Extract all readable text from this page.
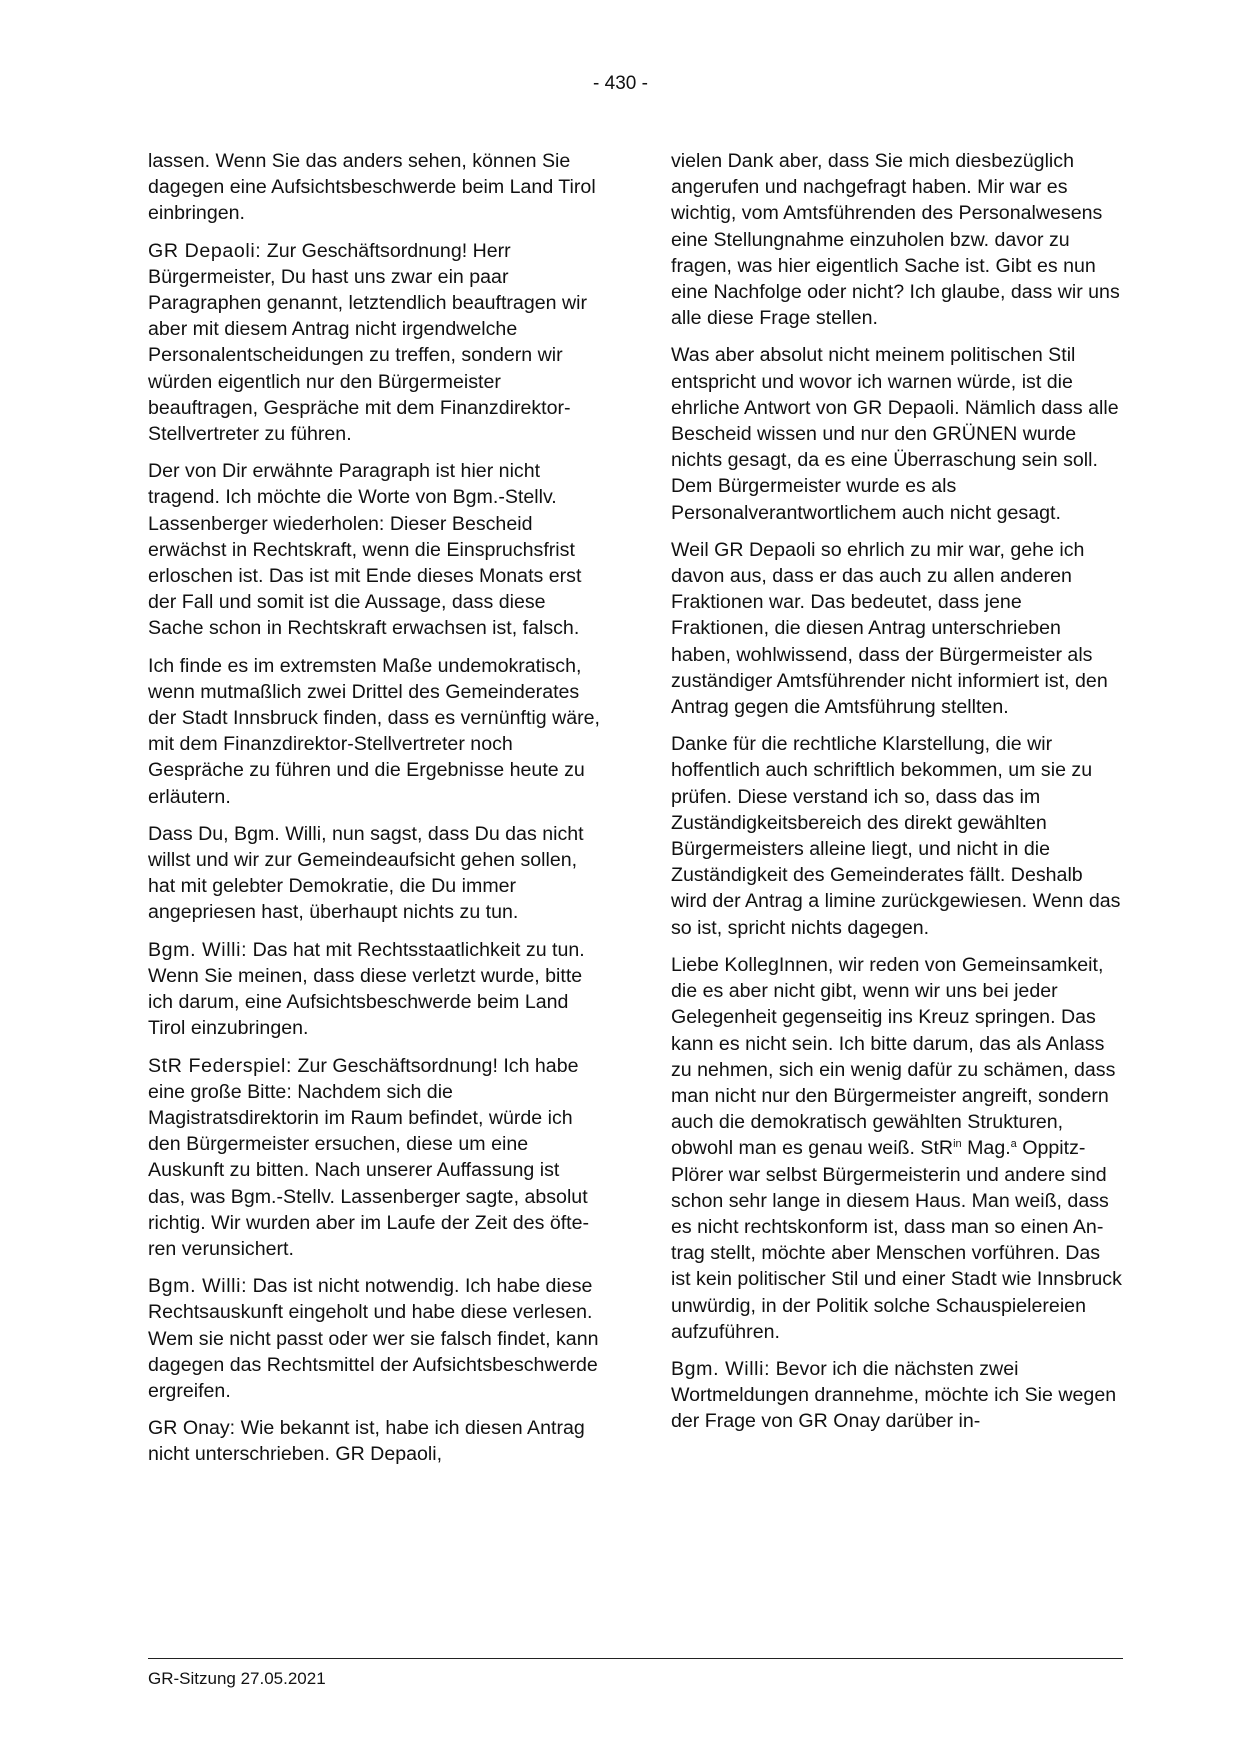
- 430 -

lassen. Wenn Sie das anders sehen, können Sie dagegen eine Aufsichtsbeschwerde beim Land Tirol einbringen.

GR Depaoli: Zur Geschäftsordnung! Herr Bürgermeister, Du hast uns zwar ein paar Paragraphen genannt, letztendlich beauftragen wir aber mit diesem Antrag nicht irgendwelche Personalentscheidungen zu treffen, sondern wir würden eigentlich nur den Bürgermeister beauftragen, Gespräche mit dem Finanzdirektor-Stellvertreter zu führen.

Der von Dir erwähnte Paragraph ist hier nicht tragend. Ich möchte die Worte von Bgm.-Stellv. Lassenberger wiederholen: Dieser Bescheid erwächst in Rechtskraft, wenn die Einspruchsfrist erloschen ist. Das ist mit Ende dieses Monats erst der Fall und somit ist die Aussage, dass diese Sache schon in Rechtskraft erwachsen ist, falsch.

Ich finde es im extremsten Maße undemokratisch, wenn mutmaßlich zwei Drittel des Gemeinderates der Stadt Innsbruck finden, dass es vernünftig wäre, mit dem Finanzdirektor-Stellvertreter noch Gespräche zu führen und die Ergebnisse heute zu erläutern.

Dass Du, Bgm. Willi, nun sagst, dass Du das nicht willst und wir zur Gemeindeaufsicht gehen sollen, hat mit gelebter Demokratie, die Du immer angepriesen hast, überhaupt nichts zu tun.

Bgm. Willi: Das hat mit Rechtsstaatlichkeit zu tun. Wenn Sie meinen, dass diese verletzt wurde, bitte ich darum, eine Aufsichtsbeschwerde beim Land Tirol einzubringen.

StR Federspiel: Zur Geschäftsordnung! Ich habe eine große Bitte: Nachdem sich die Magistratsdirektorin im Raum befindet, würde ich den Bürgermeister ersuchen, diese um eine Auskunft zu bitten. Nach unserer Auffassung ist das, was Bgm.-Stellv. Lassenberger sagte, absolut richtig. Wir wurden aber im Laufe der Zeit des öfteren verunsichert.

Bgm. Willi: Das ist nicht notwendig. Ich habe diese Rechtsauskunft eingeholt und habe diese verlesen. Wem sie nicht passt oder wer sie falsch findet, kann dagegen das Rechtsmittel der Aufsichtsbeschwerde ergreifen.

GR Onay: Wie bekannt ist, habe ich diesen Antrag nicht unterschrieben. GR Depaoli,

vielen Dank aber, dass Sie mich diesbezüglich angerufen und nachgefragt haben. Mir war es wichtig, vom Amtsführenden des Personalwesens eine Stellungnahme einzuholen bzw. davor zu fragen, was hier eigentlich Sache ist. Gibt es nun eine Nachfolge oder nicht? Ich glaube, dass wir uns alle diese Frage stellen.

Was aber absolut nicht meinem politischen Stil entspricht und wovor ich warnen würde, ist die ehrliche Antwort von GR Depaoli. Nämlich dass alle Bescheid wissen und nur den GRÜNEN wurde nichts gesagt, da es eine Überraschung sein soll. Dem Bürgermeister wurde es als Personalverantwortlichem auch nicht gesagt.

Weil GR Depaoli so ehrlich zu mir war, gehe ich davon aus, dass er das auch zu allen anderen Fraktionen war. Das bedeutet, dass jene Fraktionen, die diesen Antrag unterschrieben haben, wohlwissend, dass der Bürgermeister als zuständiger Amtsführender nicht informiert ist, den Antrag gegen die Amtsführung stellten.

Danke für die rechtliche Klarstellung, die wir hoffentlich auch schriftlich bekommen, um sie zu prüfen. Diese verstand ich so, dass das im Zuständigkeitsbereich des direkt gewählten Bürgermeisters alleine liegt, und nicht in die Zuständigkeit des Gemeinderates fällt. Deshalb wird der Antrag a limine zurückgewiesen. Wenn das so ist, spricht nichts dagegen.

Liebe KollegInnen, wir reden von Gemeinsamkeit, die es aber nicht gibt, wenn wir uns bei jeder Gelegenheit gegenseitig ins Kreuz springen. Das kann es nicht sein. Ich bitte darum, das als Anlass zu nehmen, sich ein wenig dafür zu schämen, dass man nicht nur den Bürgermeister angreift, sondern auch die demokratisch gewählten Strukturen, obwohl man es genau weiß. StR$^{in}$ Mag.$^a$ Oppitz-Plörer war selbst Bürgermeisterin und andere sind schon sehr lange in diesem Haus. Man weiß, dass es nicht rechtskonform ist, dass man so einen Antrag stellt, möchte aber Menschen vorführen. Das ist kein politischer Stil und einer Stadt wie Innsbruck unwürdig, in der Politik solche Schauspielereien aufzuführen.

Bgm. Willi: Bevor ich die nächsten zwei Wortmeldungen drannehme, möchte ich Sie wegen der Frage von GR Onay darüber in-

GR-Sitzung 27.05.2021
